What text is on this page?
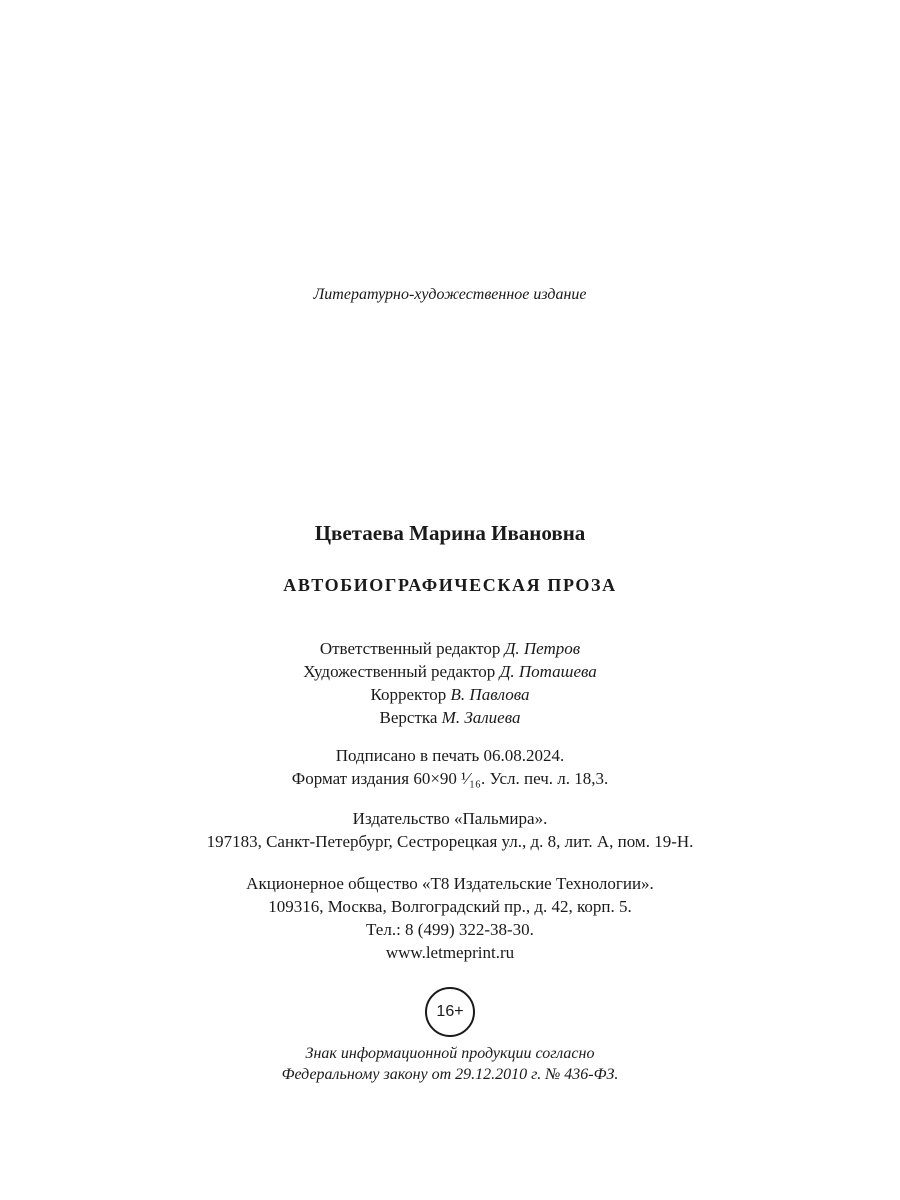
Литературно-художественное издание
Цветаева Марина Ивановна
АВТОБИОГРАФИЧЕСКАЯ ПРОЗА
Ответственный редактор Д. Петров
Художественный редактор Д. Поташева
Корректор В. Павлова
Верстка М. Залиева
Подписано в печать 06.08.2024.
Формат издания 60×90 ¹⁄₁₆. Усл. печ. л. 18,3.
Издательство «Пальмира».
197183, Санкт-Петербург, Сестрорецкая ул., д. 8, лит. А, пом. 19-Н.
Акционерное общество «Т8 Издательские Технологии».
109316, Москва, Волгоградский пр., д. 42, корп. 5.
Тел.: 8 (499) 322-38-30.
www.letmeprint.ru
16+
Знак информационной продукции согласно
Федеральному закону от 29.12.2010 г. № 436-ФЗ.
